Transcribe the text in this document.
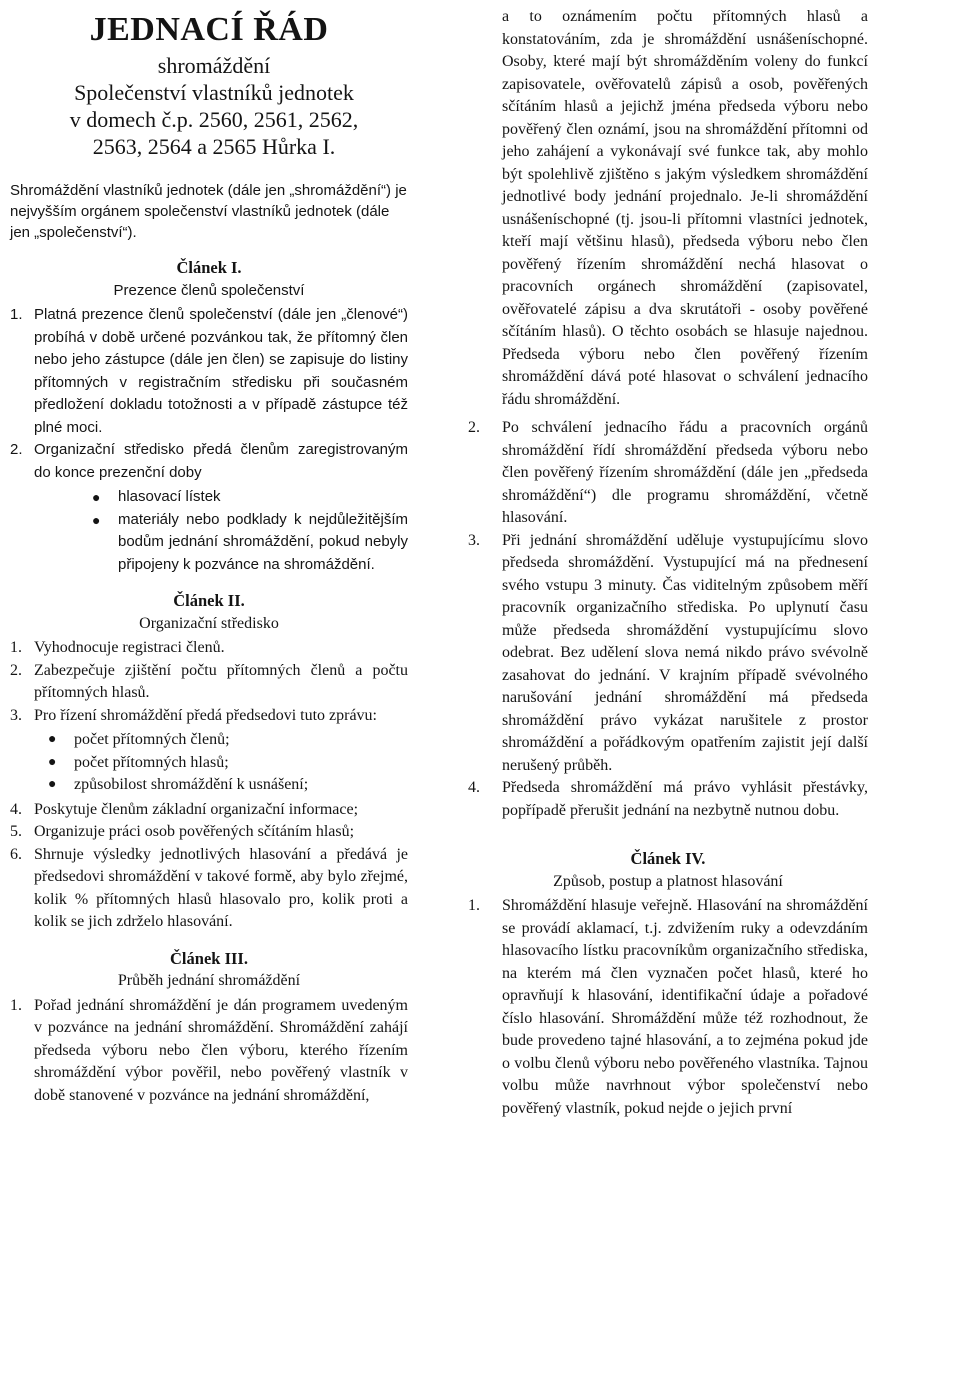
JEDNACÍ ŘÁD

shromáždění

Společenství vlastníků jednotek

v domech č.p. 2560, 2561, 2562,

2563, 2564 a 2565 Hůrka I.

Shromáždění vlastníků jednotek (dále jen „shromáždění“) je nejvyšším orgánem společenství vlastníků jednotek (dále jen „společenství“).

Článek I.
Prezence členů společenství
1. Platná prezence členů společenství (dále jen „členové“) probíhá v době určené pozvánkou tak, že přítomný člen nebo jeho zástupce (dále jen člen) se zapisuje do listiny přítomných v registračním středisku při současném předložení dokladu totožnosti a v případě zástupce též plné moci.
2. Organizační středisko předá členům zaregistrovaným do konce prezenční doby
● hlasovací lístek
● materiály nebo podklady k nejdůležitějším bodům jednání shromáždění, pokud nebyly připojeny k pozvánce na shromáždění.
Článek II.
Organizační středisko
1. Vyhodnocuje registraci členů.
2. Zabezpečuje zjištění počtu přítomných členů a počtu přítomných hlasů.
3. Pro řízení shromáždění předá předsedovi tuto zprávu:
● počet přítomných členů;
● počet přítomných hlasů;
● způsobilost shromáždění k usnášení;
4. Poskytuje členům základní organizační informace;
5. Organizuje práci osob pověřených sčítáním hlasů;
6. Shrnuje výsledky jednotlivých hlasování a předává je předsedovi shromáždění v takové formě, aby bylo zřejmé, kolik % přítomných hlasů hlasovalo pro, kolik proti a kolik se jich zdrželo hlasování.
Článek III.
Průběh jednání shromáždění
1. Pořad jednání shromáždění je dán programem uvedeným v pozvánce na jednání shromáždění. Shromáždění zahájí předseda výboru nebo člen výboru, kterého řízením shromáždění výbor pověřil, nebo pověřený vlastník v době stanovené v pozvánce na jednání shromáždění,
a to oznámením počtu přítomných hlasů a konstatováním, zda je shromáždění usnášeníschopné. Osoby, které mají být shromážděním voleny do funkcí zapisovatele, ověřovatelů zápisů a osob, pověřených sčítáním hlasů a jejichž jména předseda výboru nebo pověřený člen oznámí, jsou na shromáždění přítomni od jeho zahájení a vykonávají své funkce tak, aby mohlo být spolehlivě zjištěno s jakým výsledkem shromáždění jednotlivé body jednání projednalo. Je-li shromáždění usnášeníschopné (tj. jsou-li přítomni vlastníci jednotek, kteří mají většinu hlasů), předseda výboru nebo člen pověřený řízením shromáždění nechá hlasovat o pracovních orgánech shromáždění (zapisovatel, ověřovatelé zápisu a dva skrutátoři - osoby pověřené sčítáním hlasů). O těchto osobách se hlasuje najednou. Předseda výboru nebo člen pověřený řízením shromáždění dává poté hlasovat o schválení jednacího řádu shromáždění.
2. Po schválení jednacího řádu a pracovních orgánů shromáždění řídí shromáždění předseda výboru nebo člen pověřený řízením shromáždění (dále jen „předseda shromáždění“) dle programu shromáždění, včetně hlasování.
3. Při jednání shromáždění uděluje vystupujícímu slovo předseda shromáždění. Vystupující má na přednesení svého vstupu 3 minuty. Čas viditelným způsobem měří pracovník organizačního střediska. Po uplynutí času může předseda shromáždění vystupujícímu slovo odebrat. Bez udělení slova nemá nikdo právo svévolně zasahovat do jednání. V krajním případě svévolného narušování jednání shromáždění má předseda shromáždění právo vykázat narušitele z prostor shromáždění a pořádkovým opatřením zajistit její další nerušený průběh.
4. Předseda shromáždění má právo vyhlásit přestávky, popřípadě přerušit jednání na nezbytně nutnou dobu.
Článek IV.
Způsob, postup a platnost hlasování
1. Shromáždění hlasuje veřejně. Hlasování na shromáždění se provádí aklamací, t.j. zdvižením ruky a odevzdáním hlasovacího lístku pracovníkům organizačního střediska, na kterém má člen vyznačen počet hlasů, které ho opravňují k hlasování, identifikační údaje a pořadové číslo hlasování. Shromáždění může též rozhodnout, že bude provedeno tajné hlasování, a to zejména pokud jde o volbu členů výboru nebo pověřeného vlastníka. Tajnou volbu může navrhnout výbor společenství nebo pověřený vlastník, pokud nejde o jejich první
